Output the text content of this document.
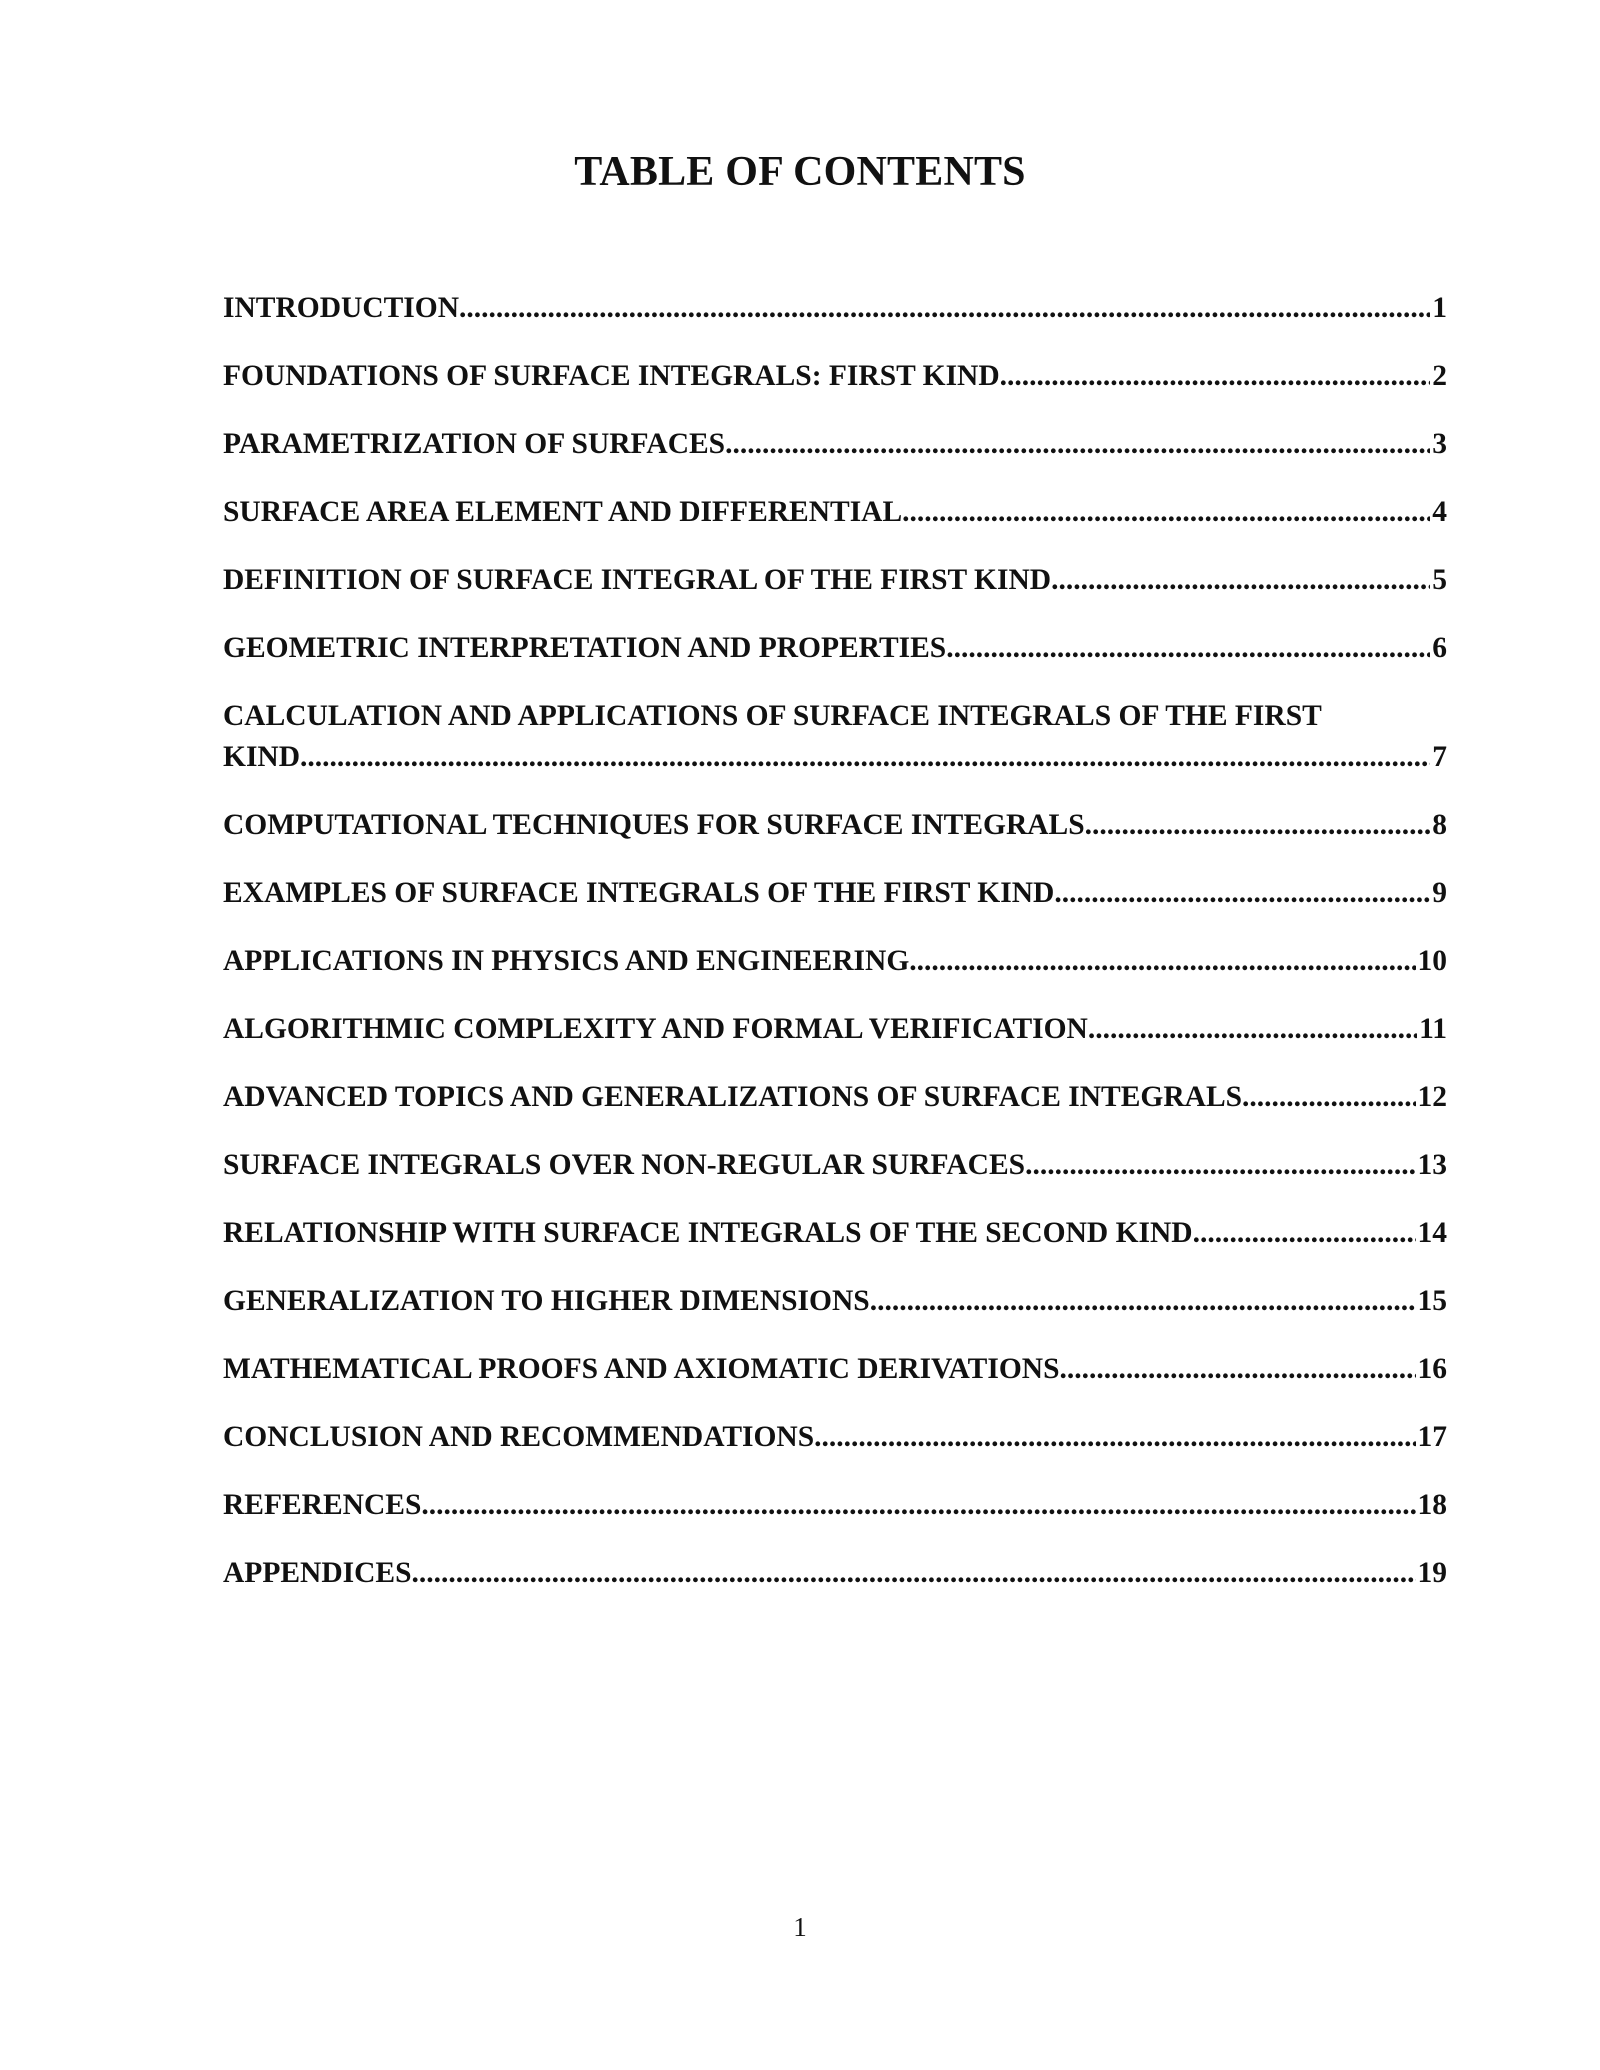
TABLE OF CONTENTS
INTRODUCTION .....	1
FOUNDATIONS OF SURFACE INTEGRALS: FIRST KIND .....	2
PARAMETRIZATION OF SURFACES .....	3
SURFACE AREA ELEMENT AND DIFFERENTIAL .....	4
DEFINITION OF SURFACE INTEGRAL OF THE FIRST KIND .....	5
GEOMETRIC INTERPRETATION AND PROPERTIES .....	6
CALCULATION AND APPLICATIONS OF SURFACE INTEGRALS OF THE FIRST
KIND .....	7
COMPUTATIONAL TECHNIQUES FOR SURFACE INTEGRALS .....	8
EXAMPLES OF SURFACE INTEGRALS OF THE FIRST KIND .....	9
APPLICATIONS IN PHYSICS AND ENGINEERING .....	10
ALGORITHMIC COMPLEXITY AND FORMAL VERIFICATION .....	11
ADVANCED TOPICS AND GENERALIZATIONS OF SURFACE INTEGRALS .....	12
SURFACE INTEGRALS OVER NON-REGULAR SURFACES .....	13
RELATIONSHIP WITH SURFACE INTEGRALS OF THE SECOND KIND .....	14
GENERALIZATION TO HIGHER DIMENSIONS .....	15
MATHEMATICAL PROOFS AND AXIOMATIC DERIVATIONS .....	16
CONCLUSION AND RECOMMENDATIONS .....	17
REFERENCES .....	18
APPENDICES .....	19
1
